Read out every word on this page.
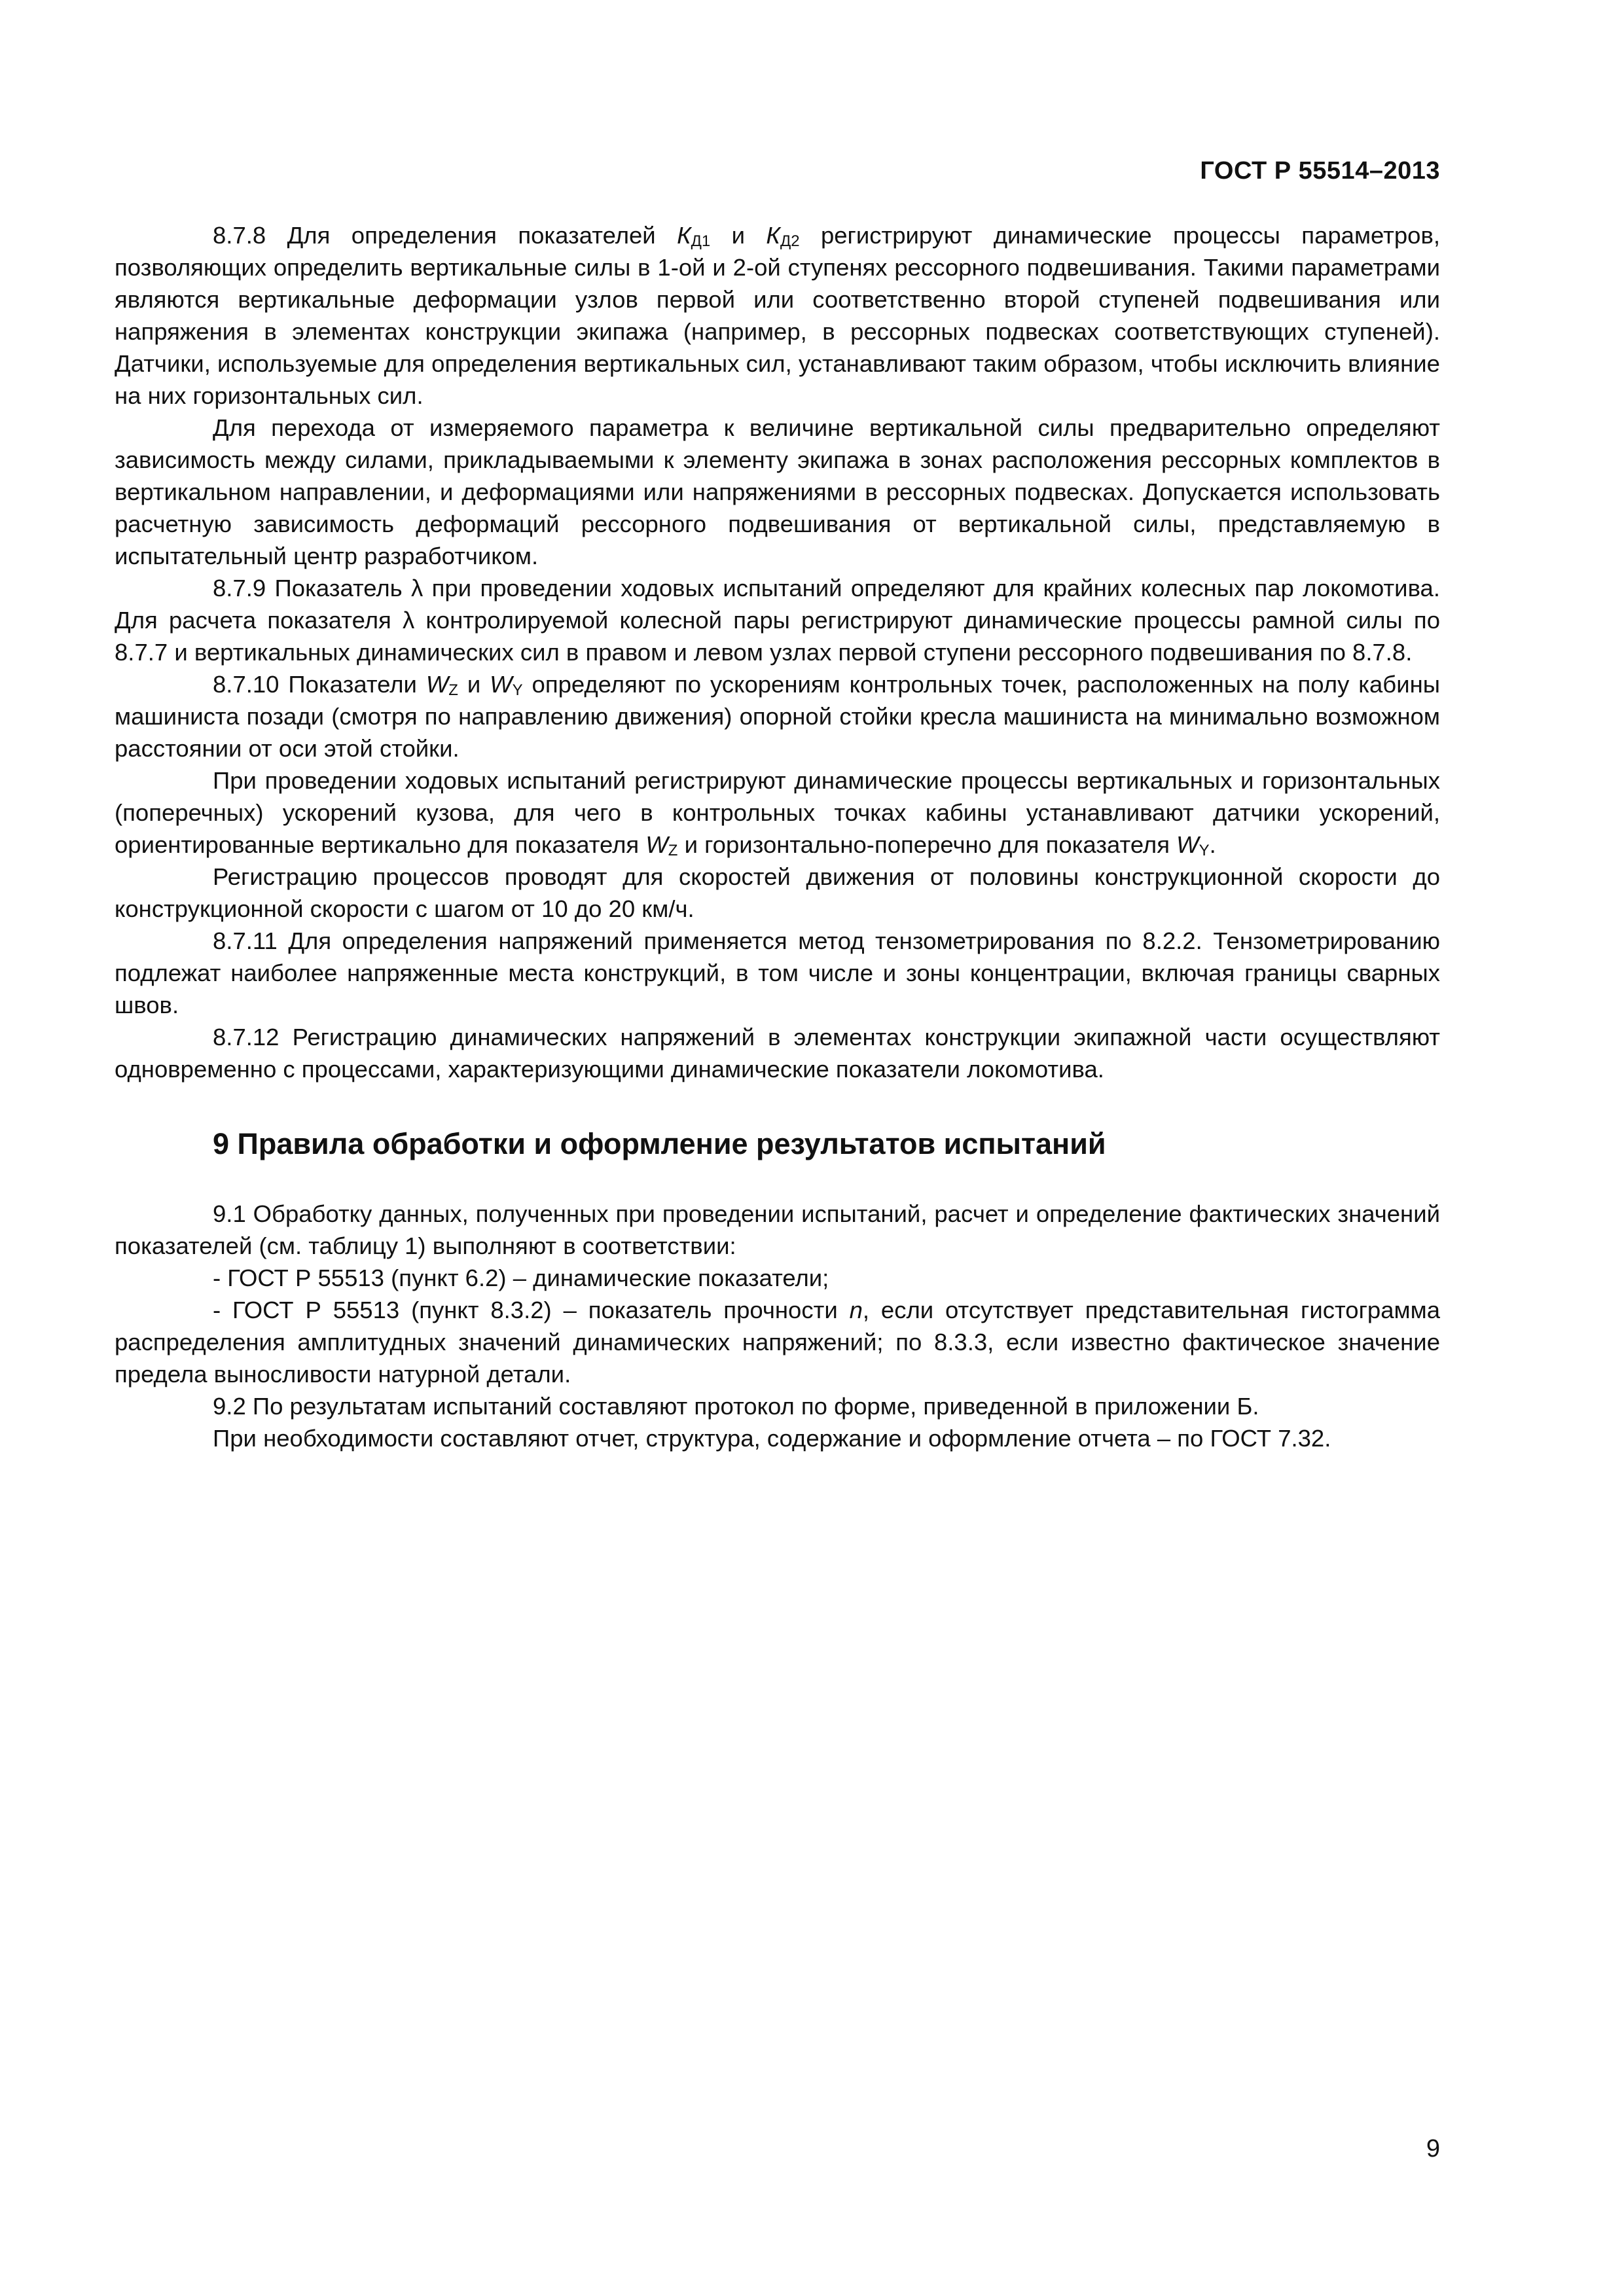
ГОСТ Р 55514–2013

8.7.8 Для определения показателей $К_{Д1}$ и $К_{Д2}$ регистрируют динамические процессы параметров, позволяющих определить вертикальные силы в 1-ой и 2-ой ступенях рессорного подвешивания. Такими параметрами являются вертикальные деформации узлов первой или соответственно второй ступеней подвешивания или напряжения в элементах конструкции экипажа (например, в рессорных подвесках соответствующих ступеней). Датчики, используемые для определения вертикальных сил, устанавливают таким образом, чтобы исключить влияние на них горизонтальных сил.

Для перехода от измеряемого параметра к величине вертикальной силы предварительно определяют зависимость между силами, прикладываемыми к элементу экипажа в зонах расположения рессорных комплектов в вертикальном направлении, и деформациями или напряжениями в рессорных подвесках. Допускается использовать расчетную зависимость деформаций рессорного подвешивания от вертикальной силы, представляемую в испытательный центр разработчиком.

8.7.9 Показатель λ при проведении ходовых испытаний определяют для крайних колесных пар локомотива. Для расчета показателя λ контролируемой колесной пары регистрируют динамические процессы рамной силы по 8.7.7 и вертикальных динамических сил в правом и левом узлах первой ступени рессорного подвешивания по 8.7.8.

8.7.10 Показатели $W_Z$ и $W_Y$ определяют по ускорениям контрольных точек, расположенных на полу кабины машиниста позади (смотря по направлению движения) опорной стойки кресла машиниста на минимально возможном расстоянии от оси этой стойки.

При проведении ходовых испытаний регистрируют динамические процессы вертикальных и горизонтальных (поперечных) ускорений кузова, для чего в контрольных точках кабины устанавливают датчики ускорений, ориентированные вертикально для показателя $W_Z$ и горизонтально-поперечно для показателя $W_Y$.

Регистрацию процессов проводят для скоростей движения от половины конструкционной скорости до конструкционной скорости с шагом от 10 до 20 км/ч.

8.7.11 Для определения напряжений применяется метод тензометрирования по 8.2.2. Тензометрированию подлежат наиболее напряженные места конструкций, в том числе и зоны концентрации, включая границы сварных швов.

8.7.12 Регистрацию динамических напряжений в элементах конструкции экипажной части осуществляют одновременно с процессами, характеризующими динамические показатели локомотива.

9 Правила обработки и оформление результатов испытаний

9.1 Обработку данных, полученных при проведении испытаний, расчет и определение фактических значений показателей (см. таблицу 1) выполняют в соответствии:

- ГОСТ Р 55513 (пункт 6.2) – динамические показатели;

- ГОСТ Р 55513 (пункт 8.3.2) – показатель прочности n, если отсутствует представительная гистограмма распределения амплитудных значений динамических напряжений; по 8.3.3, если известно фактическое значение предела выносливости натурной детали.

9.2 По результатам испытаний составляют протокол по форме, приведенной в приложении Б.

При необходимости составляют отчет, структура, содержание и оформление отчета – по ГОСТ 7.32.

9
